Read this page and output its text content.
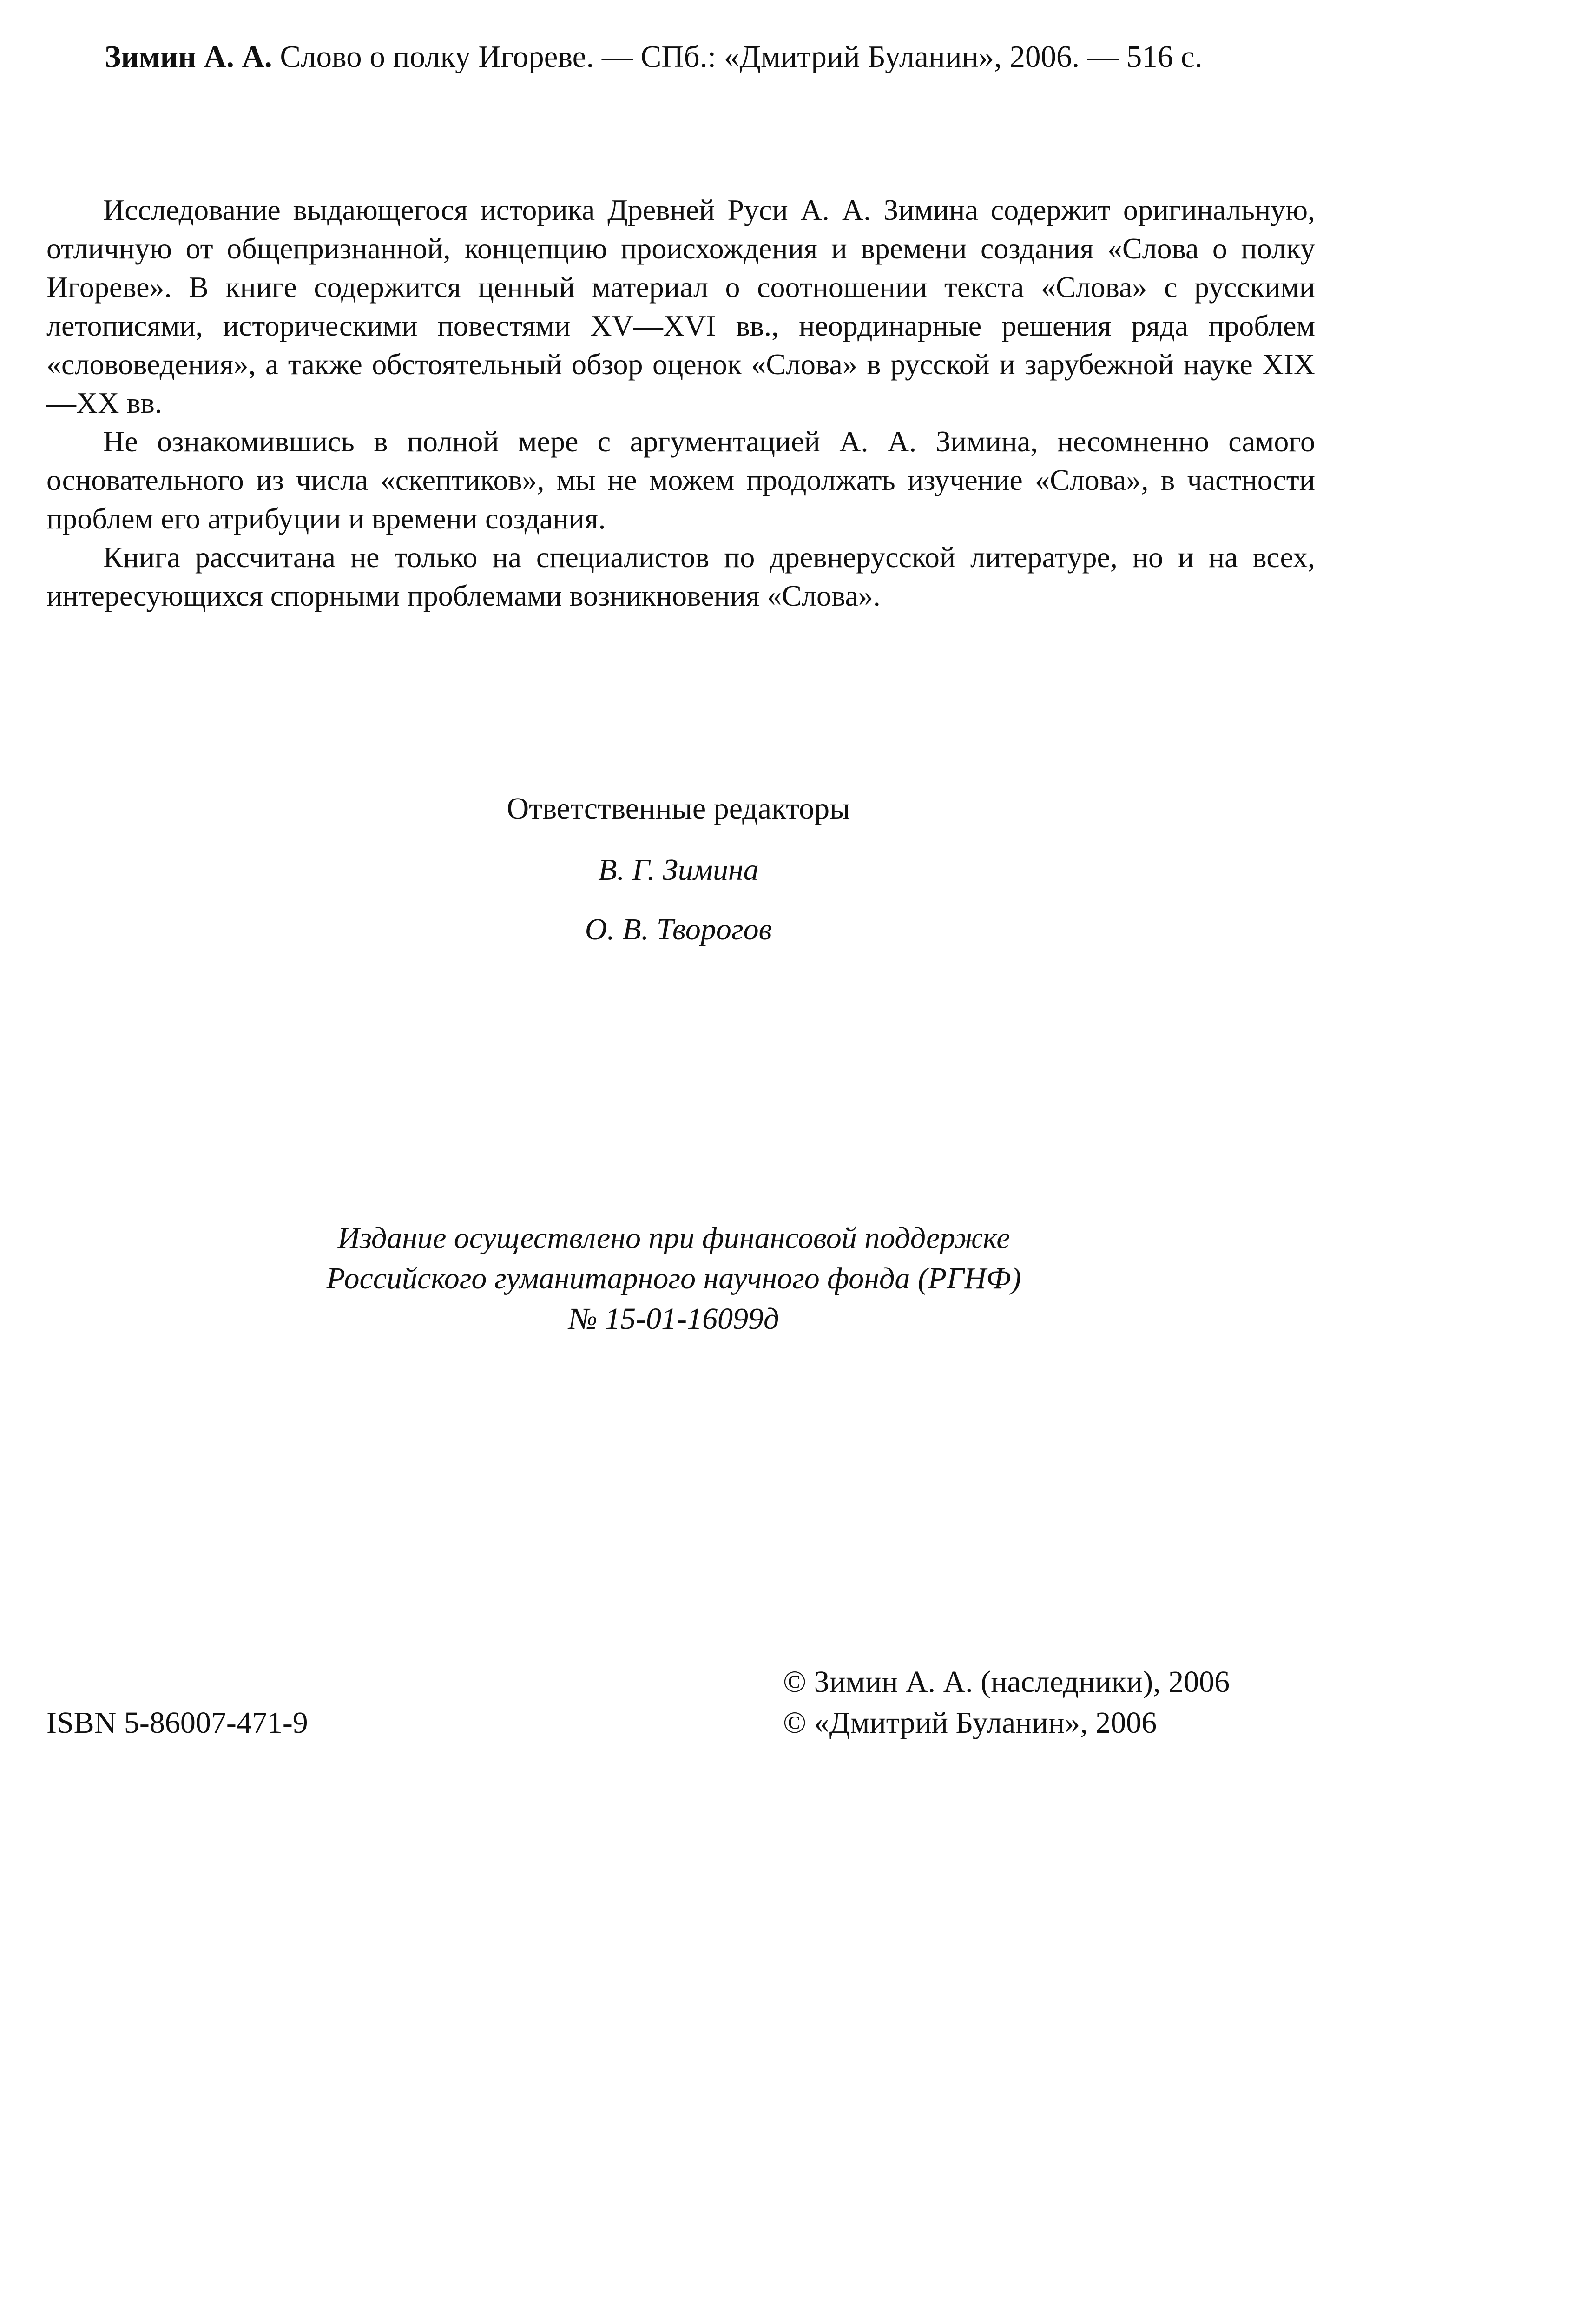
Зимин А. А. Слово о полку Игореве. — СПб.: «Дмитрий Буланин», 2006. — 516 с.

Исследование выдающегося историка Древней Руси А. А. Зимина содержит оригинальную, отличную от общепризнанной, концепцию происхождения и времени создания «Слова о полку Игореве». В книге содержится ценный материал о соотношении текста «Слова» с русскими летописями, историческими повестями XV—XVI вв., неординарные решения ряда проблем «слововедения», а также обстоятельный обзор оценок «Слова» в русской и зарубежной науке XIX—XX вв.

Не ознакомившись в полной мере с аргументацией А. А. Зимина, несомненно самого основательного из числа «скептиков», мы не можем продолжать изучение «Слова», в частности проблем его атрибуции и времени создания.

Книга рассчитана не только на специалистов по древнерусской литературе, но и на всех, интересующихся спорными проблемами возникновения «Слова».

Ответственные редакторы
В. Г. Зимина
О. В. Творогов
Издание осуществлено при финансовой поддержке
Российского гуманитарного научного фонда (РГНФ)
№ 15-01-16099д
ISBN 5-86007-471-9
© Зимин А. А. (наследники), 2006
© «Дмитрий Буланин», 2006
